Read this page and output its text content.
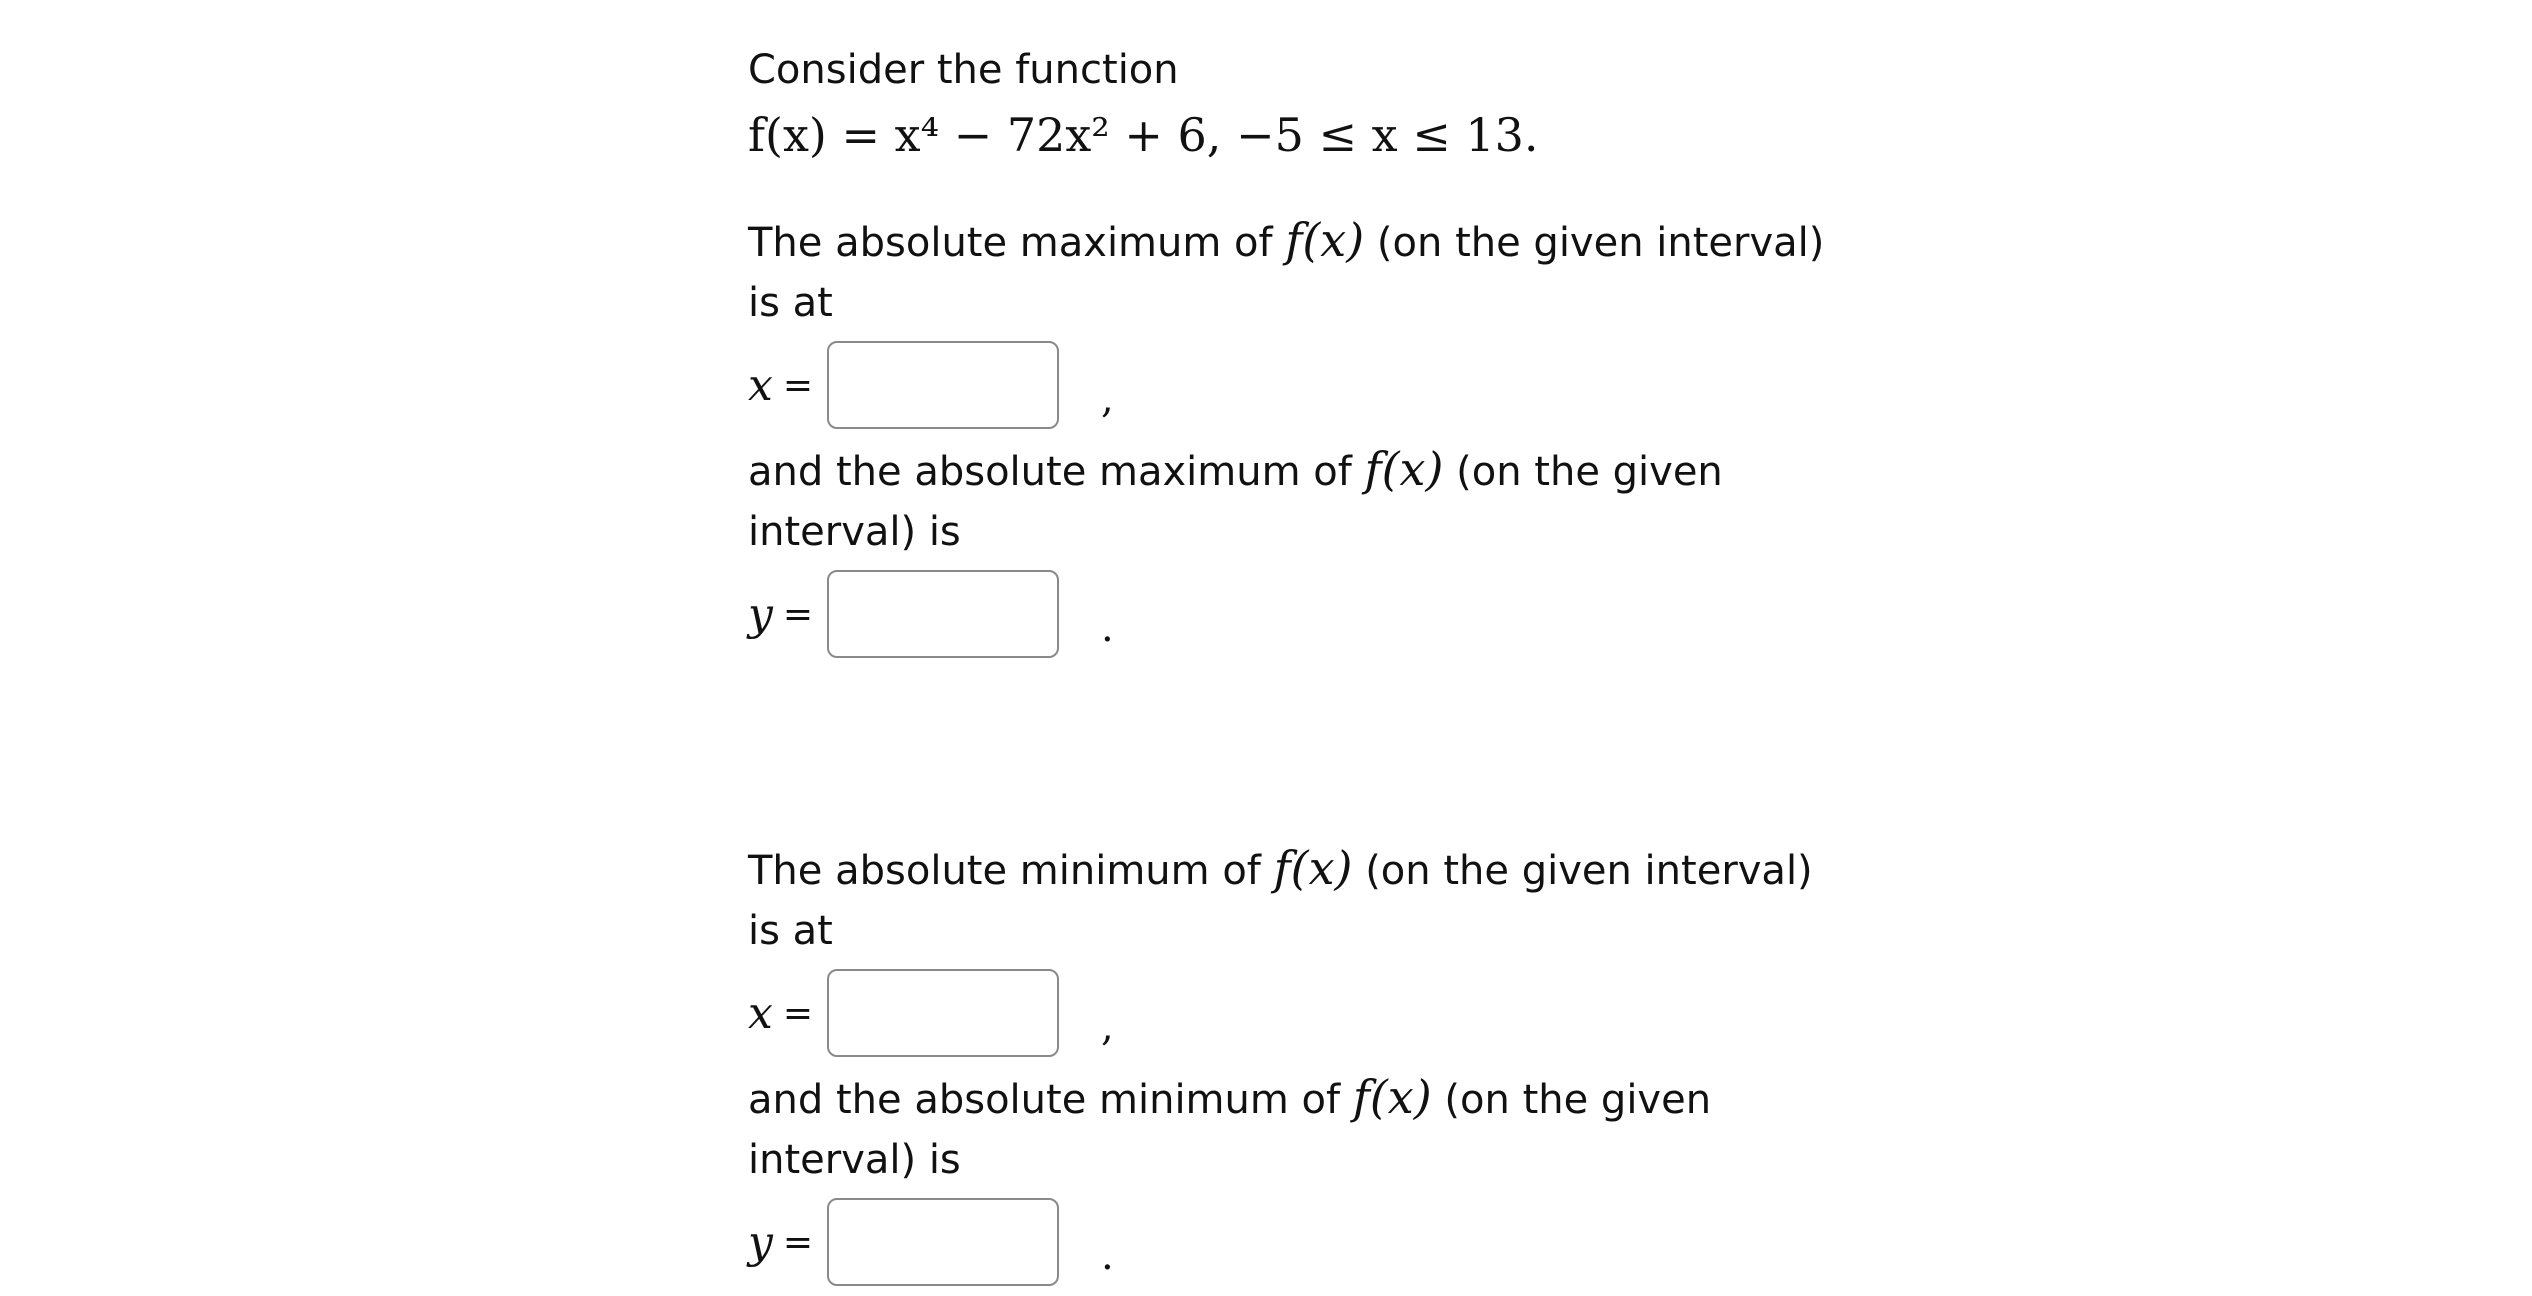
Consider the function

f(x) = x⁴ − 72x² + 6, −5 ≤ x ≤ 13.

The absolute maximum of f(x) (on the given interval)

is at

x =	,

and the absolute maximum of f(x) (on the given

interval) is

y =	.

The absolute minimum of f(x) (on the given interval)

is at

x =	,

and the absolute minimum of f(x) (on the given

interval) is

y =	.
